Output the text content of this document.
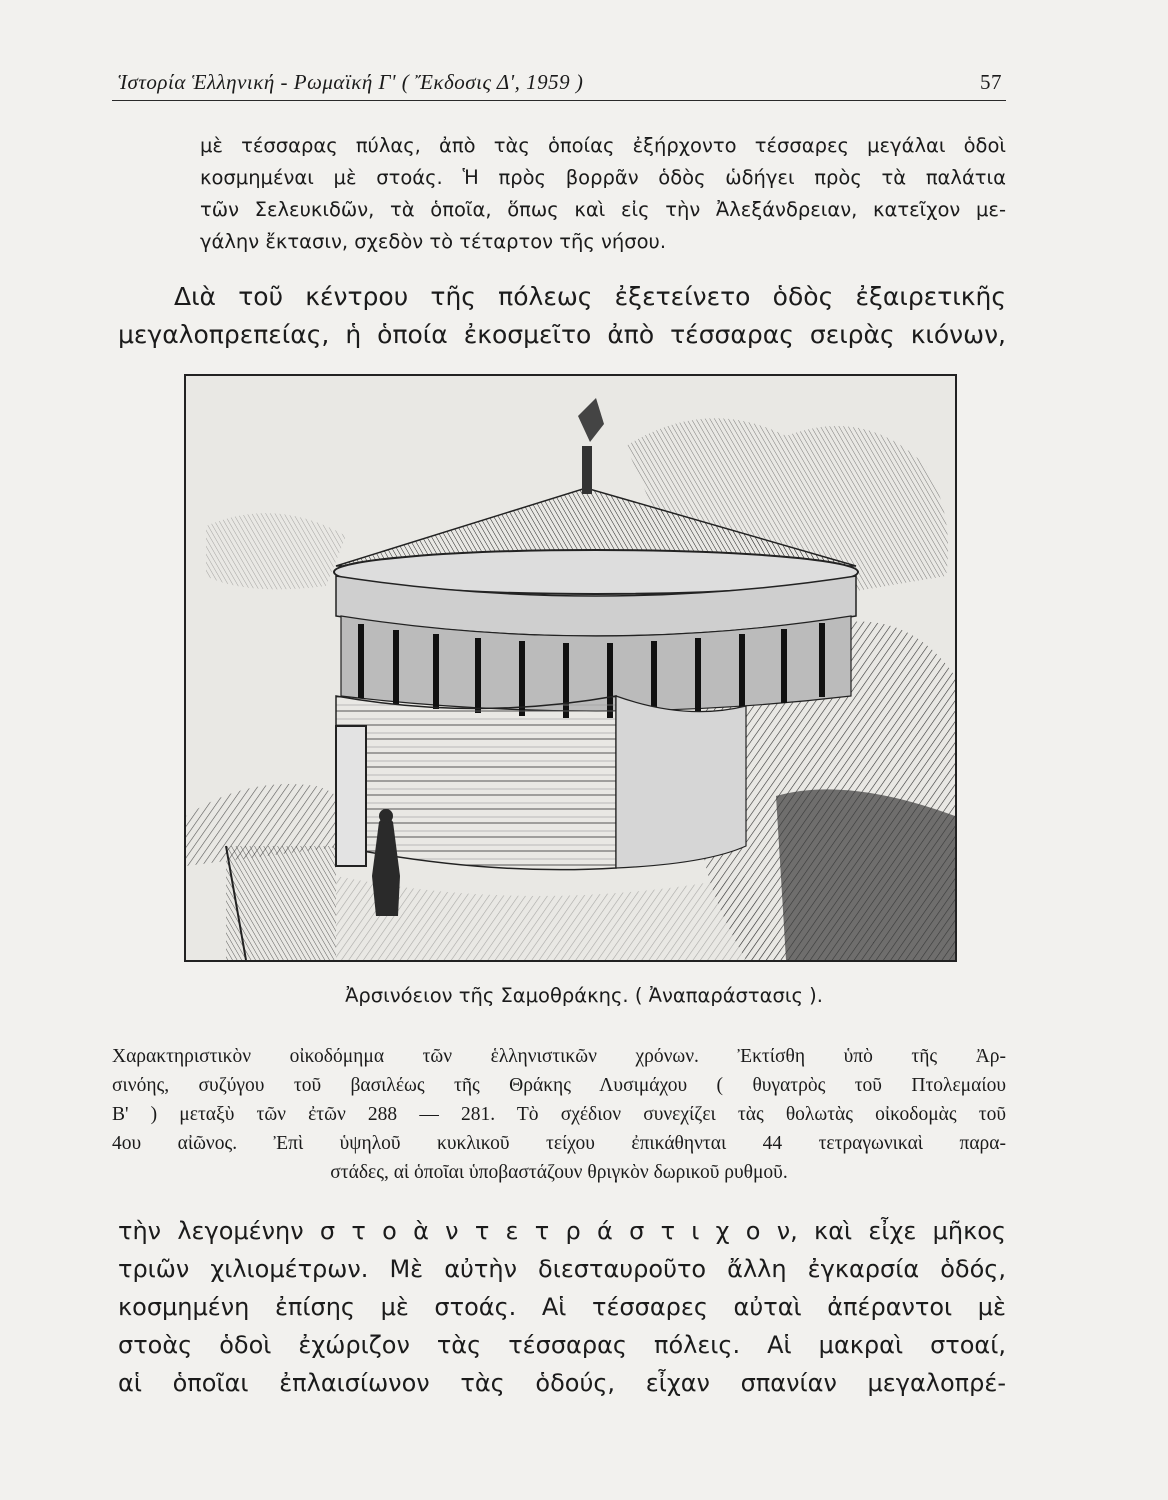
Ἱστορία Ἑλληνική - Ρωμαϊκή Γ' ( Ἔκδοσις Δ', 1959 )	57
μὲ τέσσαρας πύλας, ἀπὸ τὰς ὁποίας ἐξήρχοντο τέσσαρες μεγάλαι ὁδοὶ
κοσμημέναι μὲ στοάς. Ἡ πρὸς βορρᾶν ὁδὸς ὡδήγει πρὸς τὰ παλάτια
τῶν Σελευκιδῶν, τὰ ὁποῖα, ὅπως καὶ εἰς τὴν Ἀλεξάνδρειαν, κατεῖχον με-
γάλην ἔκτασιν, σχεδὸν τὸ τέταρτον τῆς νήσου.
Διὰ τοῦ κέντρου τῆς πόλεως ἐξετείνετο ὁδὸς ἐξαιρετικῆς
μεγαλοπρεπείας, ἡ ὁποία ἐκοσμεῖτο ἀπὸ τέσσαρας σειρὰς κιόνων,
Ἀρσινόειον τῆς Σαμοθράκης. ( Ἀναπαράστασις ).
Χαρακτηριστικὸν οἰκοδόμημα τῶν ἑλληνιστικῶν χρόνων. Ἐκτίσθη ὑπὸ τῆς Ἀρ-
σινόης, συζύγου τοῦ βασιλέως τῆς Θράκης Λυσιμάχου ( θυγατρὸς τοῦ Πτολεμαίου
Β' ) μεταξὺ τῶν ἐτῶν 288 — 281. Τὸ σχέδιον συνεχίζει τὰς θολωτὰς οἰκοδομὰς τοῦ
4ου αἰῶνος. Ἐπὶ ὑψηλοῦ κυκλικοῦ τείχου ἐπικάθηνται 44 τετραγωνικαὶ παρα-
στάδες, αἱ ὁποῖαι ὑποβαστάζουν θριγκὸν δωρικοῦ ρυθμοῦ.
τὴν λεγομένην σ τ ο ὰ ν τ ε τ ρ ά σ τ ι χ ο ν, καὶ εἶχε μῆκος
τριῶν χιλιομέτρων. Μὲ αὐτὴν διεσταυροῦτο ἄλλη ἐγκαρσία ὁδός,
κοσμημένη ἐπίσης μὲ στοάς. Αἱ τέσσαρες αὐταὶ ἀπέραντοι μὲ
στοὰς ὁδοὶ ἐχώριζον τὰς τέσσαρας πόλεις. Αἱ μακραὶ στοαί,
αἱ ὁποῖαι ἐπλαισίωνον τὰς ὁδούς, εἶχαν σπανίαν μεγαλοπρέ-
